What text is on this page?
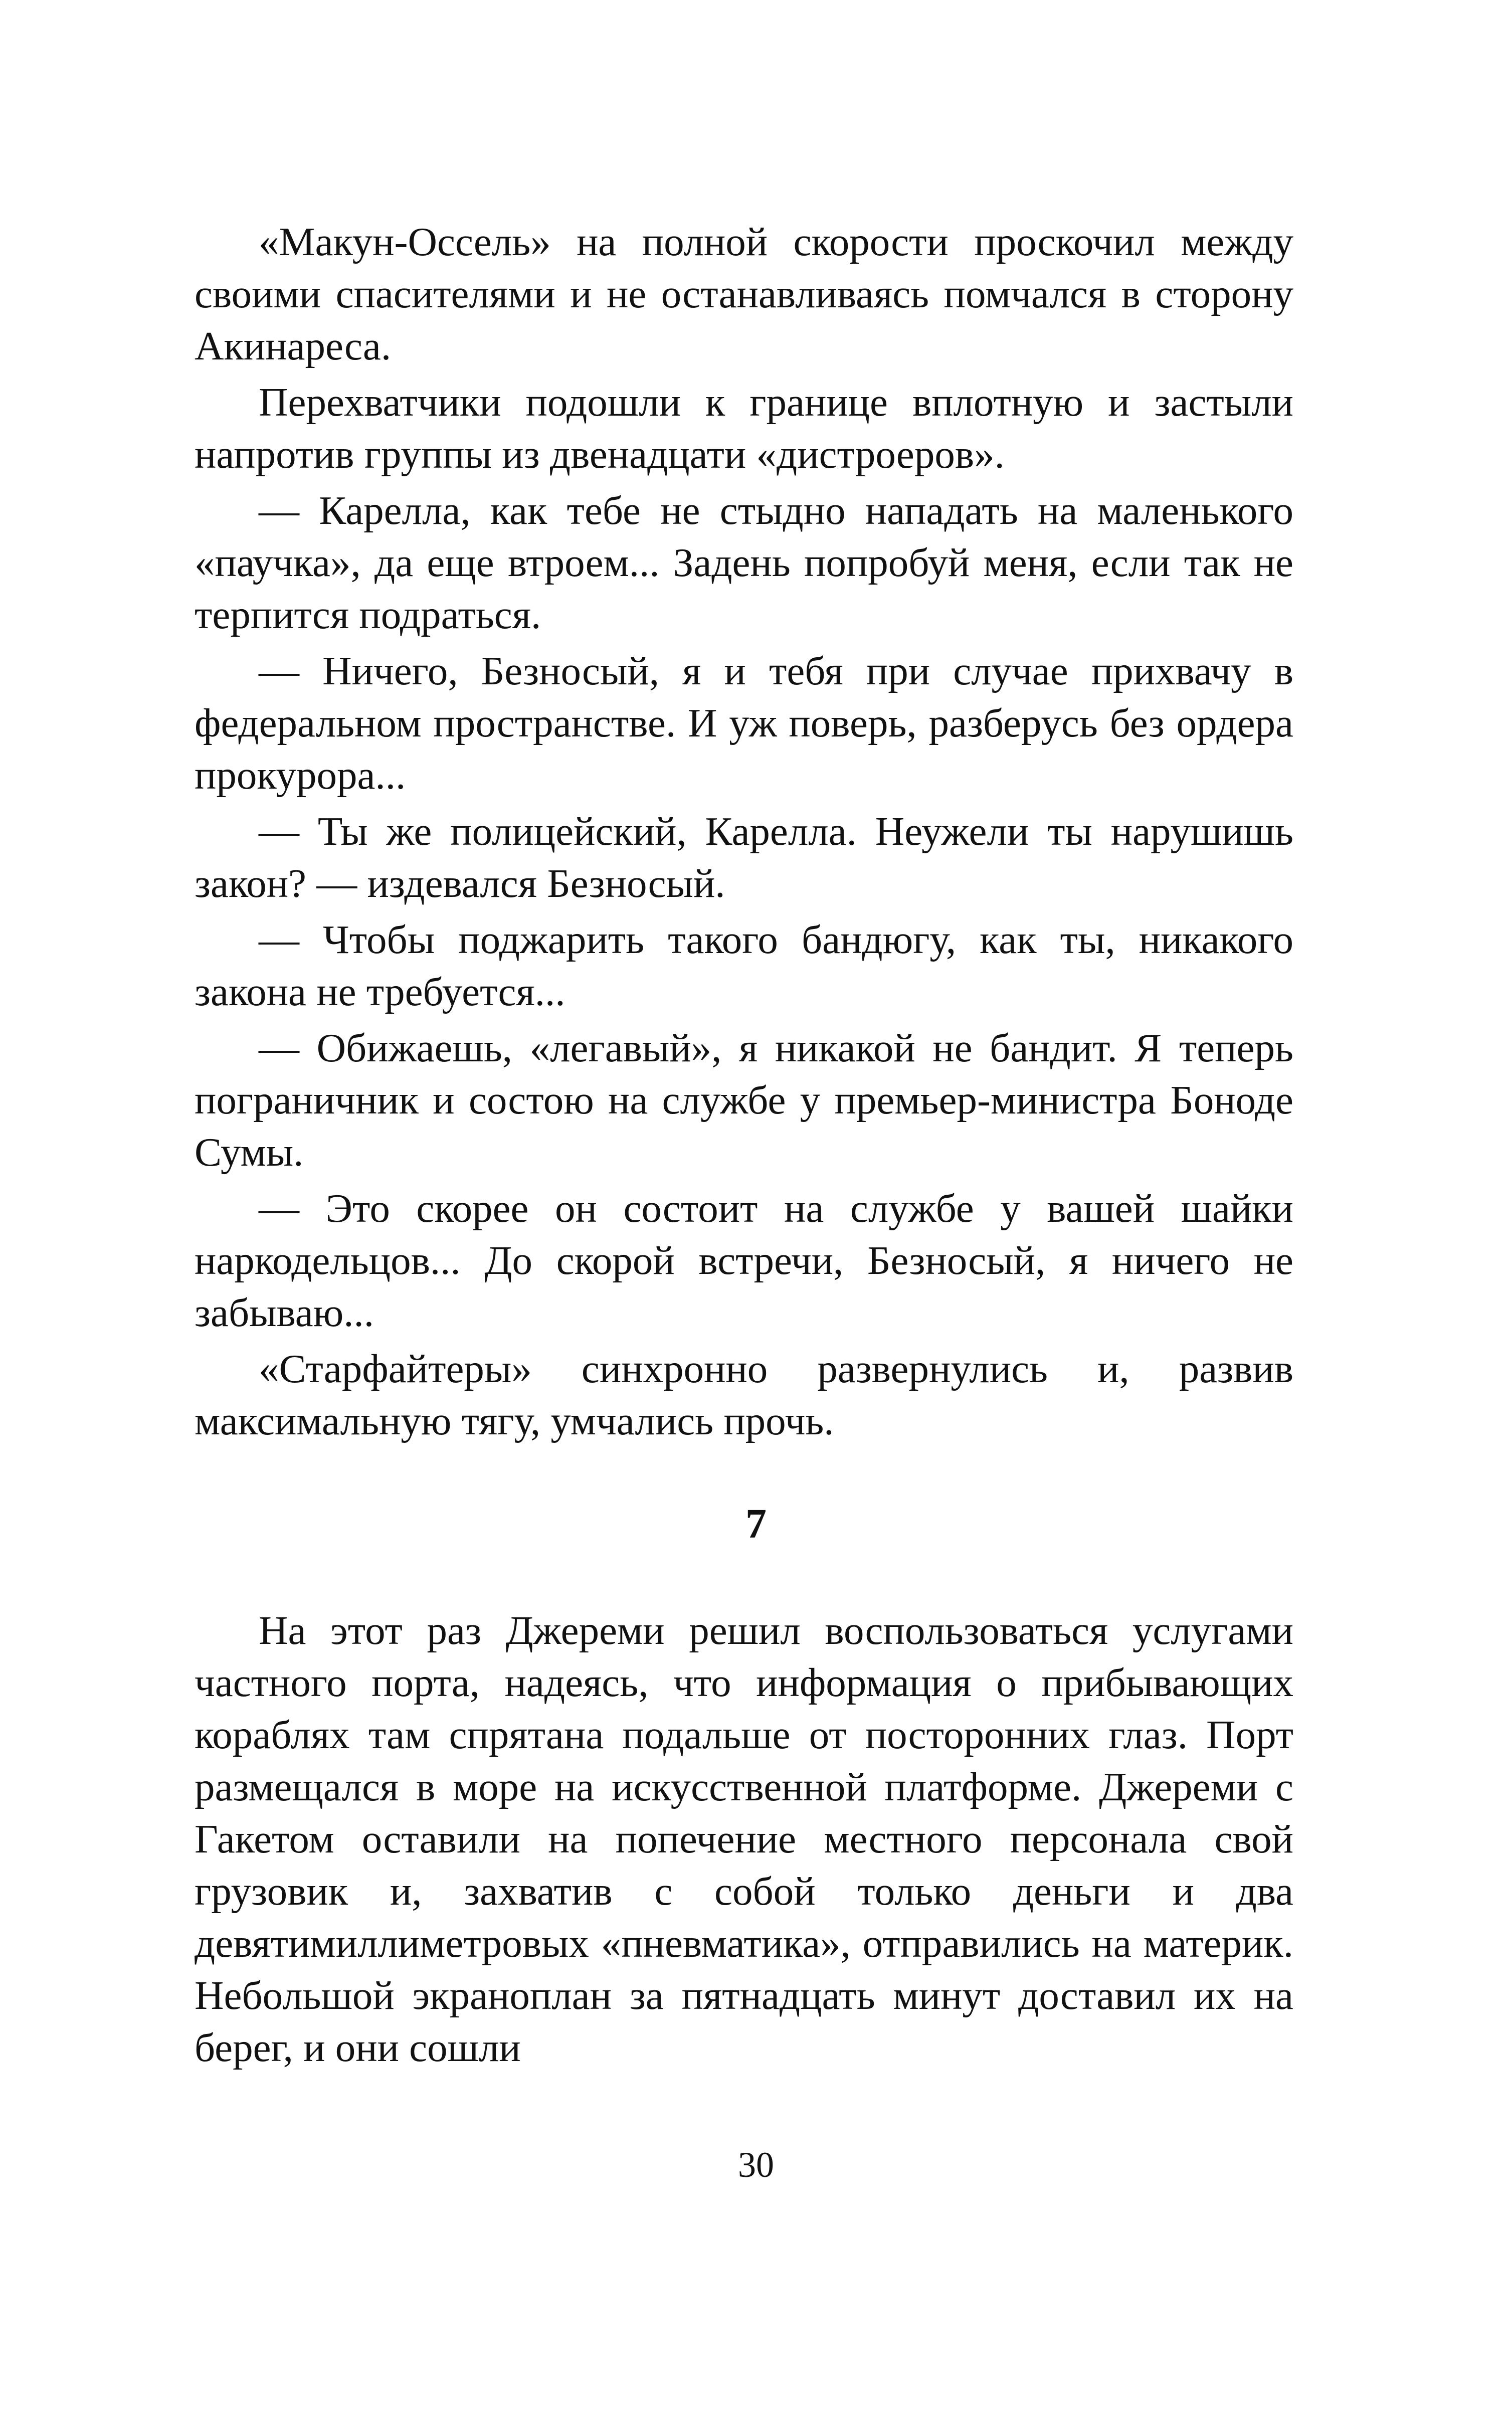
«Макун-Оссель» на полной скорости проскочил между своими спасителями и не останавливаясь помчался в сторону Акинареса.

Перехватчики подошли к границе вплотную и застыли напротив группы из двенадцати «дистроеров».

— Карелла, как тебе не стыдно нападать на маленького «паучка», да еще втроем... Задень попробуй меня, если так не терпится подраться.

— Ничего, Безносый, я и тебя при случае прихвачу в федеральном пространстве. И уж поверь, разберусь без ордера прокурора...

— Ты же полицейский, Карелла. Неужели ты нарушишь закон? — издевался Безносый.

— Чтобы поджарить такого бандюгу, как ты, никакого закона не требуется...

— Обижаешь, «легавый», я никакой не бандит. Я теперь пограничник и состою на службе у премьер-министра Боноде Сумы.

— Это скорее он состоит на службе у вашей шайки наркодельцов... До скорой встречи, Безносый, я ничего не забываю...

«Старфайтеры» синхронно развернулись и, развив максимальную тягу, умчались прочь.

7

На этот раз Джереми решил воспользоваться услугами частного порта, надеясь, что информация о прибывающих кораблях там спрятана подальше от посторонних глаз. Порт размещался в море на искусственной платформе. Джереми с Гакетом оставили на попечение местного персонала свой грузовик и, захватив с собой только деньги и два девятимиллиметровых «пневматика», отправились на материк. Небольшой экраноплан за пятнадцать минут доставил их на берег, и они сошли

30
